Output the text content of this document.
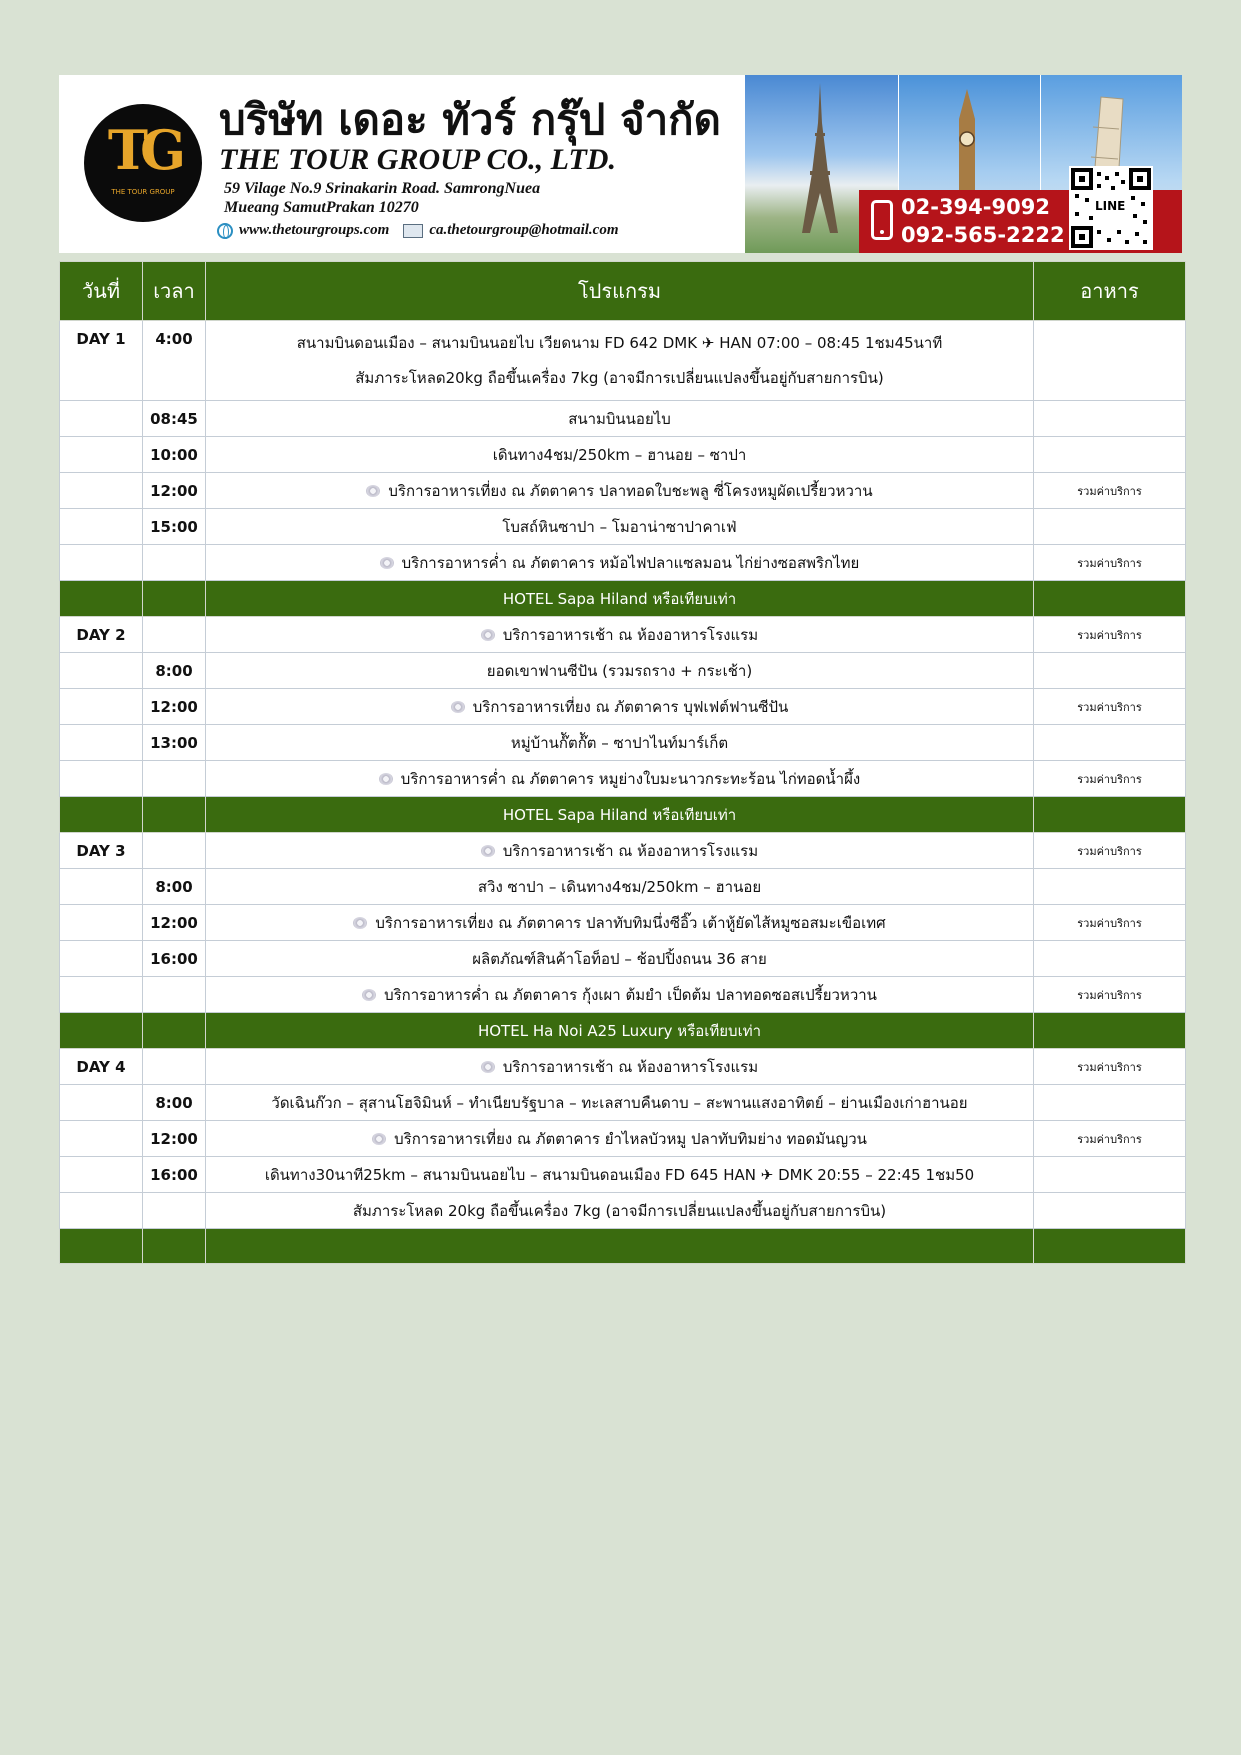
TG
THE TOUR GROUP
บริษัท เดอะ ทัวร์ กรุ๊ป จำกัด
THE TOUR GROUP CO., LTD.
59 Vilage No.9 Srinakarin Road. SamrongNuea
Mueang SamutPrakan 10270
www.thetourgroups.com	ca.thetourgroup@hotmail.com
02-394-9092
092-565-2222
LINE
วันที่	เวลา	โปรแกรม	อาหาร
DAY 1	4:00	สนามบินดอนเมือง – สนามบินนอยไบ เวียดนาม FD 642 DMK ✈ HAN 07:00 – 08:45 1ชม45นาที
สัมภาระโหลด20kg ถือขึ้นเครื่อง 7kg (อาจมีการเปลี่ยนแปลงขึ้นอยู่กับสายการบิน)	

	08:45	สนามบินนอยไบ	
	10:00	เดินทาง4ชม/250km – ฮานอย – ซาปา	
	12:00	บริการอาหารเที่ยง ณ ภัตตาคาร ปลาทอดใบชะพลู ซี่โครงหมูผัดเปรี้ยวหวาน	รวมค่าบริการ
	15:00	โบสถ์หินซาปา – โมอาน่าซาปาคาเฟ่	
		บริการอาหารค่ำ ณ ภัตตาคาร หม้อไฟปลาแซลมอน ไก่ย่างซอสพริกไทย	รวมค่าบริการ
		HOTEL Sapa Hiland หรือเทียบเท่า	
DAY 2		บริการอาหารเช้า ณ ห้องอาหารโรงแรม	รวมค่าบริการ
	8:00	ยอดเขาฟานซีปัน (รวมรถราง + กระเช้า)	
	12:00	บริการอาหารเที่ยง ณ ภัตตาคาร บุฟเฟต์ฟานซีปัน	รวมค่าบริการ
	13:00	หมู่บ้านก๊ัตก๊ัต – ซาปาไนท์มาร์เก็ต	
		บริการอาหารค่ำ ณ ภัตตาคาร หมูย่างใบมะนาวกระทะร้อน ไก่ทอดน้ำผึ้ง	รวมค่าบริการ
		HOTEL Sapa Hiland หรือเทียบเท่า	
DAY 3		บริการอาหารเช้า ณ ห้องอาหารโรงแรม	รวมค่าบริการ
	8:00	สวิง ซาปา – เดินทาง4ชม/250km – ฮานอย	
	12:00	บริการอาหารเที่ยง ณ ภัตตาคาร ปลาทับทิมนึ่งซีอิ๊ว เต้าหู้ยัดไส้หมูซอสมะเขือเทศ	รวมค่าบริการ
	16:00	ผลิตภัณฑ์สินค้าโอท็อป – ช้อปปิ้งถนน 36 สาย	
		บริการอาหารค่ำ ณ ภัตตาคาร กุ้งเผา ต้มยำ เป็ดต้ม ปลาทอดซอสเปรี้ยวหวาน	รวมค่าบริการ
		HOTEL Ha Noi A25 Luxury หรือเทียบเท่า	
DAY 4		บริการอาหารเช้า ณ ห้องอาหารโรงแรม	รวมค่าบริการ
	8:00	วัดเฉินก๊วก – สุสานโฮจิมินห์ – ทำเนียบรัฐบาล – ทะเลสาบคืนดาบ – สะพานแสงอาทิตย์ – ย่านเมืองเก่าฮานอย	
	12:00	บริการอาหารเที่ยง ณ ภัตตาคาร ยำไหลบัวหมู ปลาทับทิมย่าง ทอดมันญวน	รวมค่าบริการ
	16:00	เดินทาง30นาที25km – สนามบินนอยไบ – สนามบินดอนเมือง FD 645 HAN ✈ DMK 20:55 – 22:45 1ชม50	
		สัมภาระโหลด 20kg ถือขึ้นเครื่อง 7kg (อาจมีการเปลี่ยนแปลงขึ้นอยู่กับสายการบิน)	
